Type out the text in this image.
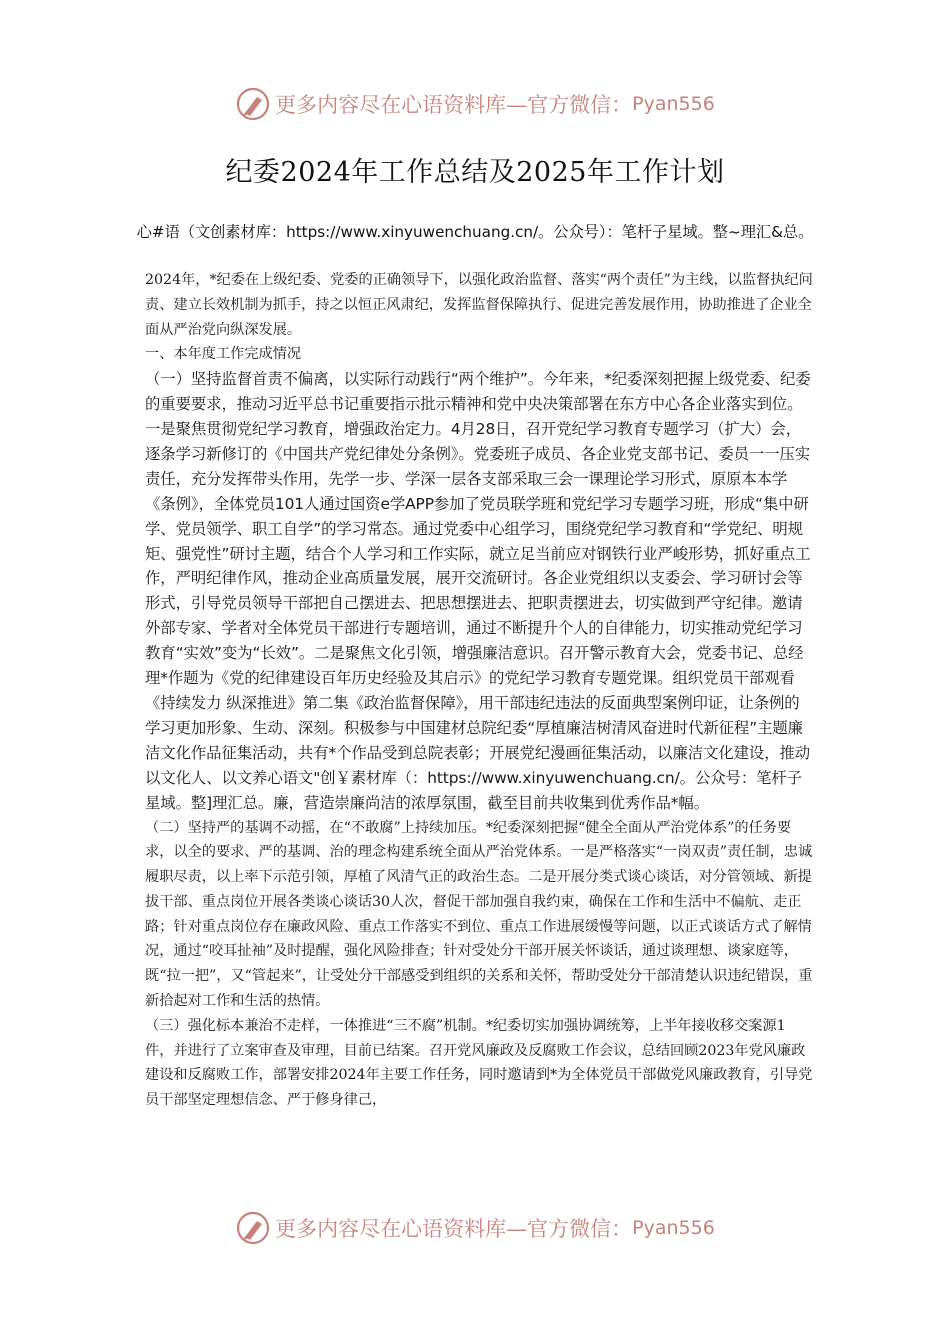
更多内容尽在心语资料库—官方微信： Pyan556
纪委2024年工作总结及2025年工作计划
心#语（文创素材库：https://www.xinyuwenchuang.cn/。公众号）：笔杆子星域。整~理汇&总。

2024年，*纪委在上级纪委、党委的正确领导下，以强化政治监督、落实“两个责任”为主线，以监督执纪问责、建立长效机制为抓手，持之以恒正风肃纪，发挥监督保障执行、促进完善发展作用，协助推进了企业全面从严治党向纵深发展。

一、本年度工作完成情况

（一）坚持监督首责不偏离，以实际行动践行“两个维护”。今年来，*纪委深刻把握上级党委、纪委的重要要求，推动习近平总书记重要指示批示精神和党中央决策部署在东方中心各企业落实到位。一是聚焦贯彻党纪学习教育，增强政治定力。4月28日，召开党纪学习教育专题学习（扩大）会，逐条学习新修订的《中国共产党纪律处分条例》。党委班子成员、各企业党支部书记、委员一一压实责任，充分发挥带头作用，先学一步、学深一层各支部采取三会一课理论学习形式，原原本本学《条例》，全体党员101人通过国资e学APP参加了党员联学班和党纪学习专题学习班，形成“集中研学、党员领学、职工自学”的学习常态。通过党委中心组学习，围绕党纪学习教育和“学党纪、明规矩、强党性”研讨主题，结合个人学习和工作实际，就立足当前应对钢铁行业严峻形势，抓好重点工作，严明纪律作风，推动企业高质量发展，展开交流研讨。各企业党组织以支委会、学习研讨会等形式，引导党员领导干部把自己摆进去、把思想摆进去、把职责摆进去，切实做到严守纪律。邀请外部专家、学者对全体党员干部进行专题培训，通过不断提升个人的自律能力，切实推动党纪学习教育“实效”变为“长效”。二是聚焦文化引领，增强廉洁意识。召开警示教育大会，党委书记、总经理*作题为《党的纪律建设百年历史经验及其启示》的党纪学习教育专题党课。组织党员干部观看《持续发力 纵深推进》第二集《政治监督保障》，用干部违纪违法的反面典型案例印证，让条例的学习更加形象、生动、深刻。积极参与中国建材总院纪委“厚植廉洁树清风奋进时代新征程”主题廉洁文化作品征集活动，共有*个作品受到总院表彰；开展党纪漫画征集活动，以廉洁文化建设，推动以文化人、以文养心语文"创￥素材库（：https://www.xinyuwenchuang.cn/。公众号：笔杆子星域。整]理汇总。廉，营造崇廉尚洁的浓厚氛围，截至目前共收集到优秀作品*幅。

（二）坚持严的基调不动摇，在“不敢腐”上持续加压。*纪委深刻把握“健全全面从严治党体系”的任务要求，以全的要求、严的基调、治的理念构建系统全面从严治党体系。一是严格落实“一岗双责”责任制，忠诚履职尽责，以上率下示范引领，厚植了风清气正的政治生态。二是开展分类式谈心谈话，对分管领域、新提拔干部、重点岗位开展各类谈心谈话30人次，督促干部加强自我约束，确保在工作和生活中不偏航、走正路；针对重点岗位存在廉政风险、重点工作落实不到位、重点工作进展缓慢等问题，以正式谈话方式了解情况，通过“咬耳扯袖”及时提醒，强化风险排查；针对受处分干部开展关怀谈话，通过谈理想、谈家庭等，既“拉一把”，又“管起来”，让受处分干部感受到组织的关系和关怀，帮助受处分干部清楚认识违纪错误，重新拾起对工作和生活的热情。

（三）强化标本兼治不走样，一体推进“三不腐”机制。*纪委切实加强协调统筹，上半年接收移交案源1件，并进行了立案审查及审理，目前已结案。召开党风廉政及反腐败工作会议，总结回顾2023年党风廉政建设和反腐败工作，部署安排2024年主要工作任务，同时邀请到*为全体党员干部做党风廉政教育，引导党员干部坚定理想信念、严于修身律己，

更多内容尽在心语资料库—官方微信： Pyan556
